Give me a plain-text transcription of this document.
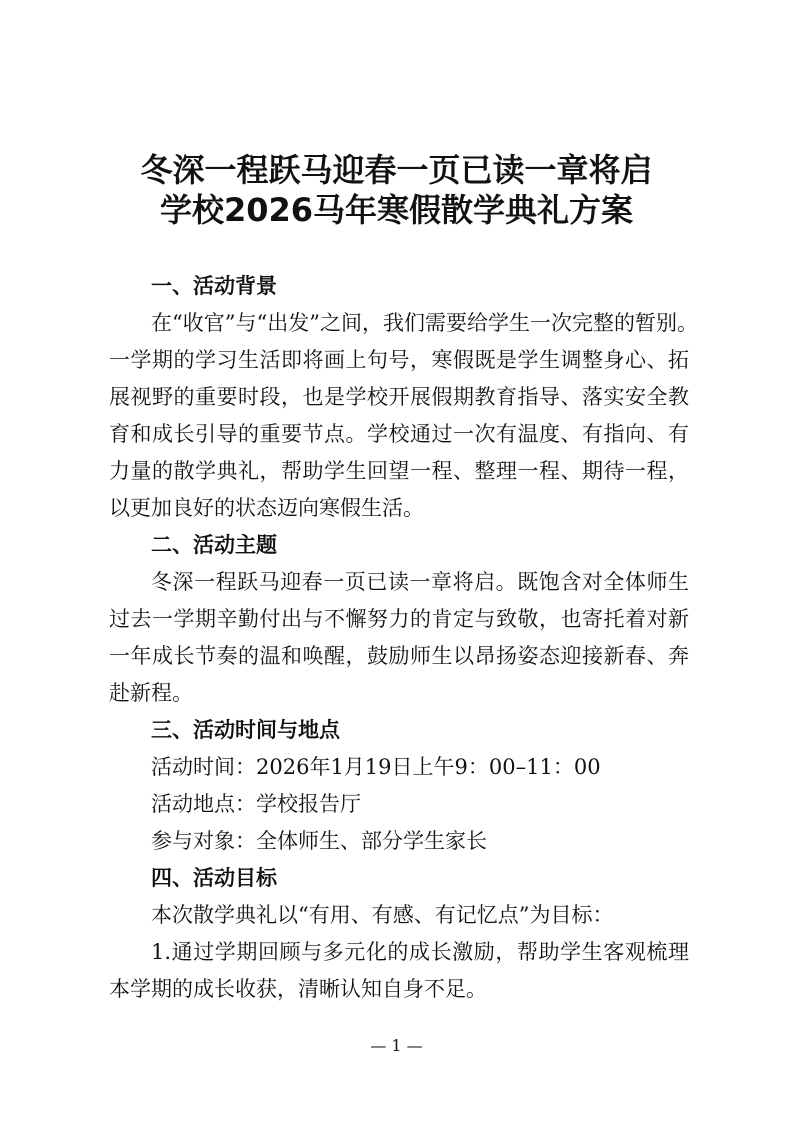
冬深一程跃马迎春一页已读一章将启
学校2026马年寒假散学典礼方案
一、活动背景
在“收官”与“出发”之间，我们需要给学生一次完整的暂别。
一学期的学习生活即将画上句号，寒假既是学生调整身心、拓
展视野的重要时段，也是学校开展假期教育指导、落实安全教
育和成长引导的重要节点。学校通过一次有温度、有指向、有
力量的散学典礼，帮助学生回望一程、整理一程、期待一程，
以更加良好的状态迈向寒假生活。
二、活动主题
冬深一程跃马迎春一页已读一章将启。既饱含对全体师生
过去一学期辛勤付出与不懈努力的肯定与致敬，也寄托着对新
一年成长节奏的温和唤醒，鼓励师生以昂扬姿态迎接新春、奔
赴新程。
三、活动时间与地点
活动时间：2026年1月19日上午9：00–11：00
活动地点：学校报告厅
参与对象：全体师生、部分学生家长
四、活动目标
本次散学典礼以“有用、有感、有记忆点”为目标：
1.通过学期回顾与多元化的成长激励，帮助学生客观梳理
本学期的成长收获，清晰认知自身不足。
— 1 —
